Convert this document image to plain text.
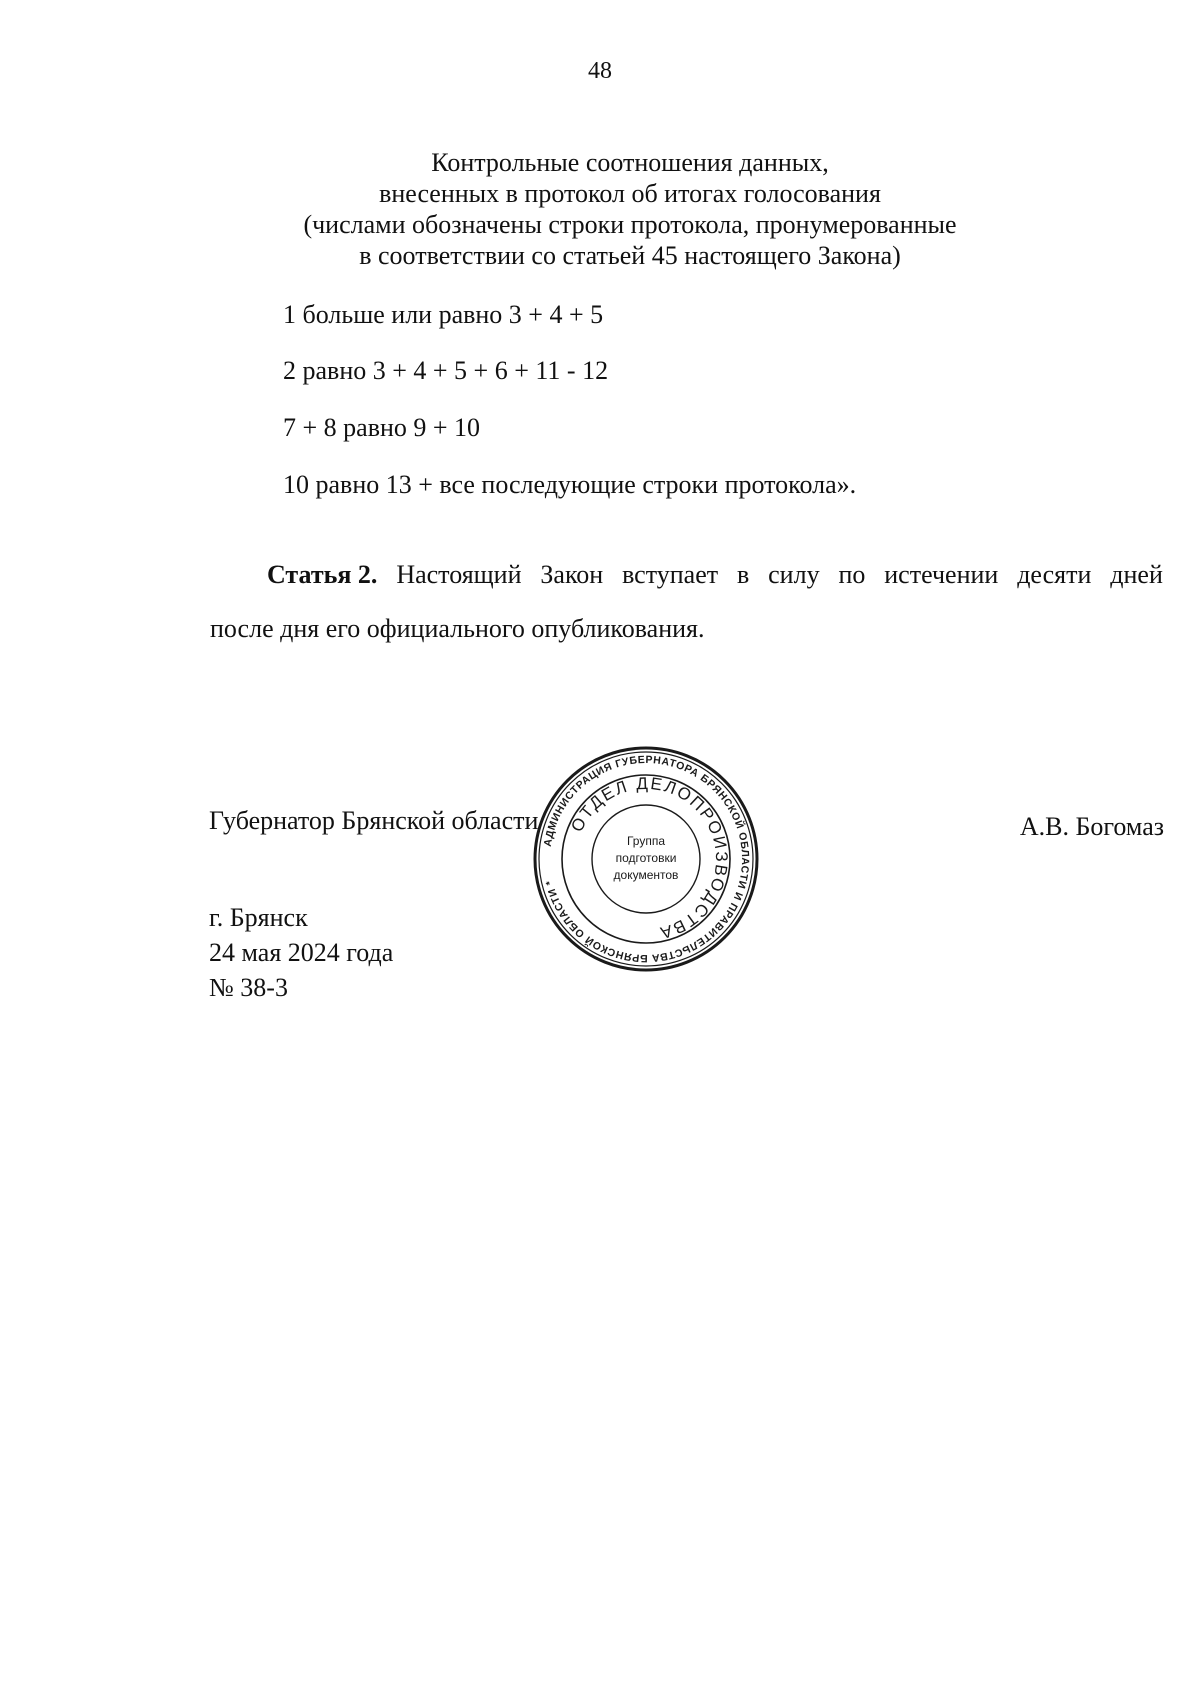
48
Контрольные соотношения данных,
внесенных в протокол об итогах голосования
(числами обозначены строки протокола, пронумерованные
в соответствии со статьей 45 настоящего Закона)
1 больше или равно 3 + 4 + 5
2 равно 3 + 4 + 5 + 6 + 11 - 12
7 + 8 равно 9 + 10
10 равно 13 + все последующие строки протокола».
Статья 2. Настоящий Закон вступает в силу по истечении десяти дней
после дня его официального опубликования.
Губернатор Брянской области	А.В. Богомаз
г. Брянск
24 мая 2024 года
№ 38-3
АДМИНИСТРАЦИЯ ГУБЕРНАТОРА БРЯНСКОЙ ОБЛАСТИ И ПРАВИТЕЛЬСТВА БРЯНСКОЙ ОБЛАСТИ *
ОТДЕЛ ДЕЛОПРОИЗВОДСТВА
Группа
подготовки
документов
